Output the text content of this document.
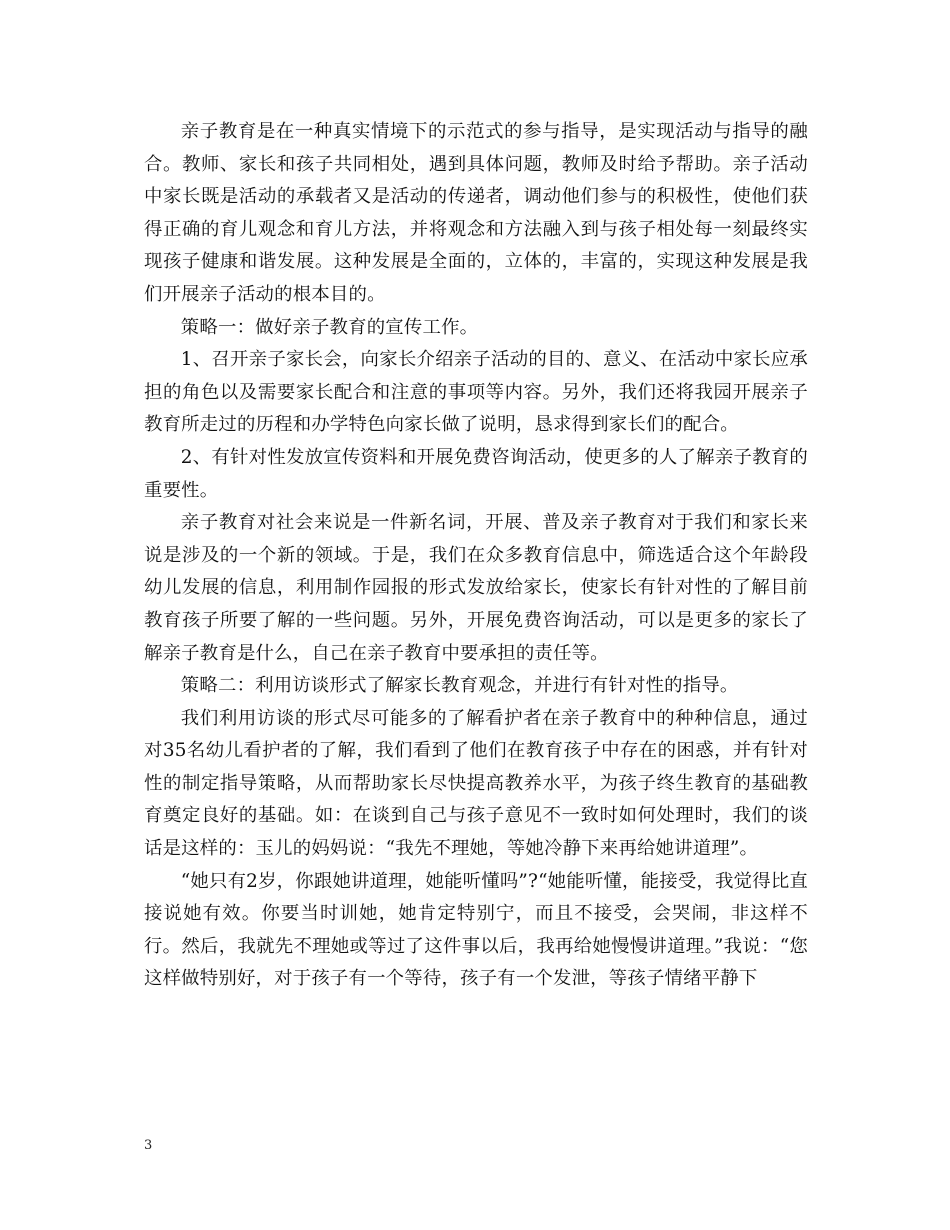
亲子教育是在一种真实情境下的示范式的参与指导，是实现活动与指导的融合。教师、家长和孩子共同相处，遇到具体问题，教师及时给予帮助。亲子活动中家长既是活动的承载者又是活动的传递者，调动他们参与的积极性，使他们获得正确的育儿观念和育儿方法，并将观念和方法融入到与孩子相处每一刻最终实现孩子健康和谐发展。这种发展是全面的，立体的，丰富的，实现这种发展是我们开展亲子活动的根本目的。

策略一：做好亲子教育的宣传工作。

1、召开亲子家长会，向家长介绍亲子活动的目的、意义、在活动中家长应承担的角色以及需要家长配合和注意的事项等内容。另外，我们还将我园开展亲子教育所走过的历程和办学特色向家长做了说明，恳求得到家长们的配合。

2、有针对性发放宣传资料和开展免费咨询活动，使更多的人了解亲子教育的重要性。

亲子教育对社会来说是一件新名词，开展、普及亲子教育对于我们和家长来说是涉及的一个新的领域。于是，我们在众多教育信息中，筛选适合这个年龄段幼儿发展的信息，利用制作园报的形式发放给家长，使家长有针对性的了解目前教育孩子所要了解的一些问题。另外，开展免费咨询活动，可以是更多的家长了解亲子教育是什么，自己在亲子教育中要承担的责任等。

策略二：利用访谈形式了解家长教育观念，并进行有针对性的指导。

我们利用访谈的形式尽可能多的了解看护者在亲子教育中的种种信息，通过对35名幼儿看护者的了解，我们看到了他们在教育孩子中存在的困惑，并有针对性的制定指导策略，从而帮助家长尽快提高教养水平，为孩子终生教育的基础教育奠定良好的基础。如：在谈到自己与孩子意见不一致时如何处理时，我们的谈话是这样的：玉儿的妈妈说：“我先不理她，等她冷静下来再给她讲道理”。

“她只有2岁，你跟她讲道理，她能听懂吗”?“她能听懂，能接受，我觉得比直接说她有效。你要当时训她，她肯定特别宁，而且不接受，会哭闹，非这样不行。然后，我就先不理她或等过了这件事以后，我再给她慢慢讲道理。”我说：“您这样做特别好，对于孩子有一个等待，孩子有一个发泄，等孩子情绪平静下

3
